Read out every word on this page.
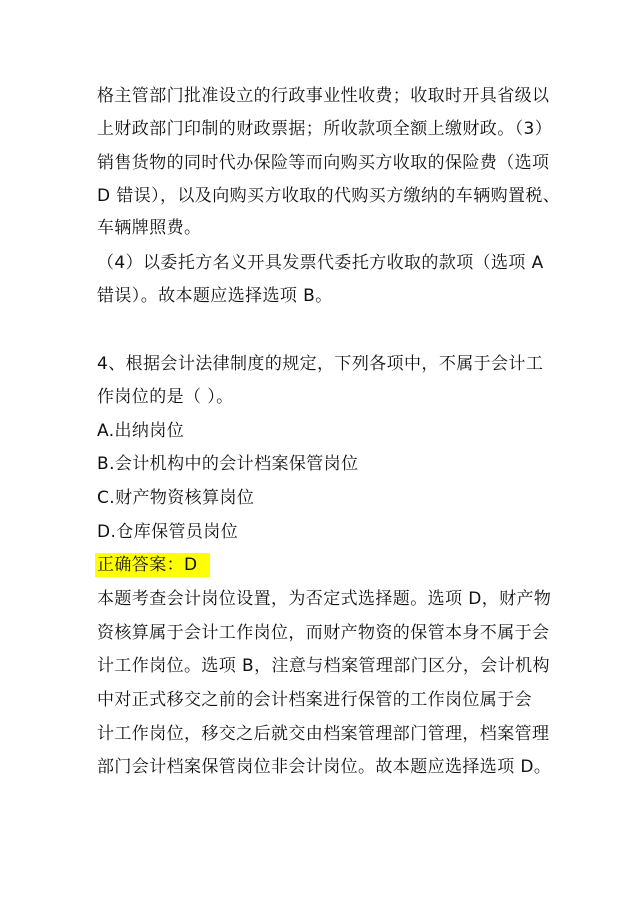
格主管部门批准设立的行政事业性收费；收取时开具省级以
上财政部门印制的财政票据；所收款项全额上缴财政。（3）
销售货物的同时代办保险等而向购买方收取的保险费（选项
D 错误），以及向购买方收取的代购买方缴纳的车辆购置税、
车辆牌照费。
（4）以委托方名义开具发票代委托方收取的款项（选项 A
错误）。故本题应选择选项 B。
4、根据会计法律制度的规定，下列各项中，不属于会计工
作岗位的是（ ）。
A.出纳岗位
B.会计机构中的会计档案保管岗位
C.财产物资核算岗位
D.仓库保管员岗位
正确答案：D
本题考查会计岗位设置，为否定式选择题。选项 D，财产物
资核算属于会计工作岗位，而财产物资的保管本身不属于会
计工作岗位。选项 B，注意与档案管理部门区分，会计机构
中对正式移交之前的会计档案进行保管的工作岗位属于会
计工作岗位，移交之后就交由档案管理部门管理，档案管理
部门会计档案保管岗位非会计岗位。故本题应选择选项 D。
